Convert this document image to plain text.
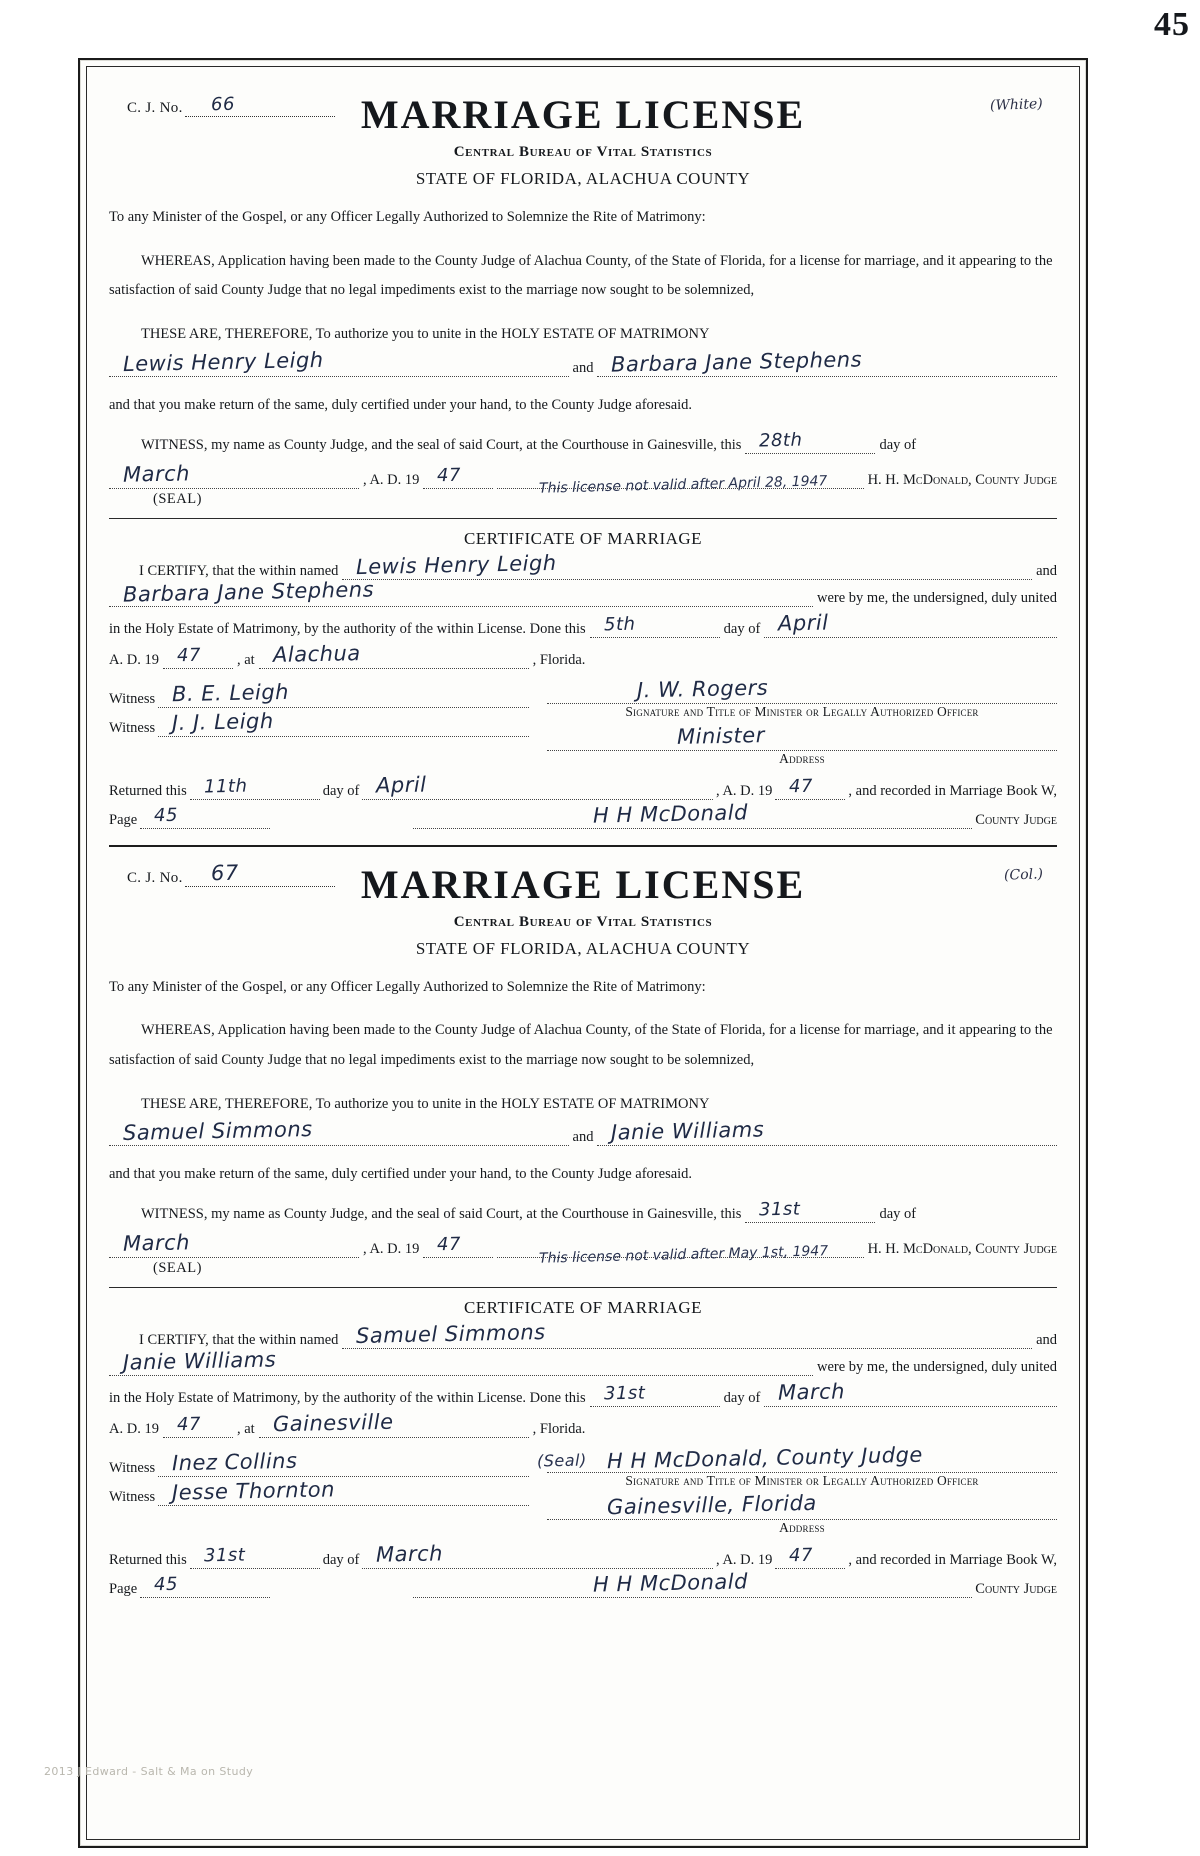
45
(White)
C. J. No. 66	MARRIAGE LICENSE
Central Bureau of Vital Statistics
STATE OF FLORIDA, ALACHUA COUNTY

To any Minister of the Gospel, or any Officer Legally Authorized to Solemnize the Rite of Matrimony:

WHEREAS, Application having been made to the County Judge of Alachua County, of the State of Florida, for a license for marriage, and it appearing to the satisfaction of said County Judge that no legal impediments exist to the marriage now sought to be solemnized,

THESE ARE, THEREFORE, To authorize you to unite in the HOLY ESTATE OF MATRIMONY

Lewis Henry Leigh	and Barbara Jane Stephens

and that you make return of the same, duly certified under your hand, to the County Judge aforesaid.

WITNESS, my name as County Judge, and the seal of said Court, at the Courthouse in Gainesville, this 28th	day of
March	, A. D. 19 47	H. H. McDonald, County Judge
This license not valid after April 28, 1947
(SEAL)
CERTIFICATE OF MARRIAGE
I CERTIFY, that the within named Lewis Henry Leigh	and
Barbara Jane Stephens	were by me, the undersigned, duly united
in the Holy Estate of Matrimony, by the authority of the within License. Done this 5th	day of April
A. D. 19 47 , at Alachua	, Florida.
Witness B. E. Leigh
Witness J. J. Leigh
J. W. Rogers
Signature and Title of Minister or Legally Authorized Officer
Minister
Address
Returned this 11th	day of April	, A. D. 19 47 , and recorded in Marriage Book W,
Page 45	H H McDonald	County Judge
(Col.)
C. J. No. 67	MARRIAGE LICENSE
Central Bureau of Vital Statistics
STATE OF FLORIDA, ALACHUA COUNTY

To any Minister of the Gospel, or any Officer Legally Authorized to Solemnize the Rite of Matrimony:

WHEREAS, Application having been made to the County Judge of Alachua County, of the State of Florida, for a license for marriage, and it appearing to the satisfaction of said County Judge that no legal impediments exist to the marriage now sought to be solemnized,

THESE ARE, THEREFORE, To authorize you to unite in the HOLY ESTATE OF MATRIMONY

Samuel Simmons	and Janie Williams

and that you make return of the same, duly certified under your hand, to the County Judge aforesaid.

WITNESS, my name as County Judge, and the seal of said Court, at the Courthouse in Gainesville, this 31st	day of
March	, A. D. 19 47	H. H. McDonald, County Judge
This license not valid after May 1st, 1947
(SEAL)
CERTIFICATE OF MARRIAGE
I CERTIFY, that the within named Samuel Simmons	and
Janie Williams	were by me, the undersigned, duly united
in the Holy Estate of Matrimony, by the authority of the within License. Done this 31st	day of March
A. D. 19 47 , at Gainesville	, Florida.
Witness Inez Collins
Witness Jesse Thornton
(Seal) H H McDonald, County Judge
Signature and Title of Minister or Legally Authorized Officer
Gainesville, Florida
Address
Returned this 31st	day of March	, A. D. 19 47 , and recorded in Marriage Book W,
Page 45	H H McDonald	County Judge
2013 J Edward - Salt & Ma on Study
